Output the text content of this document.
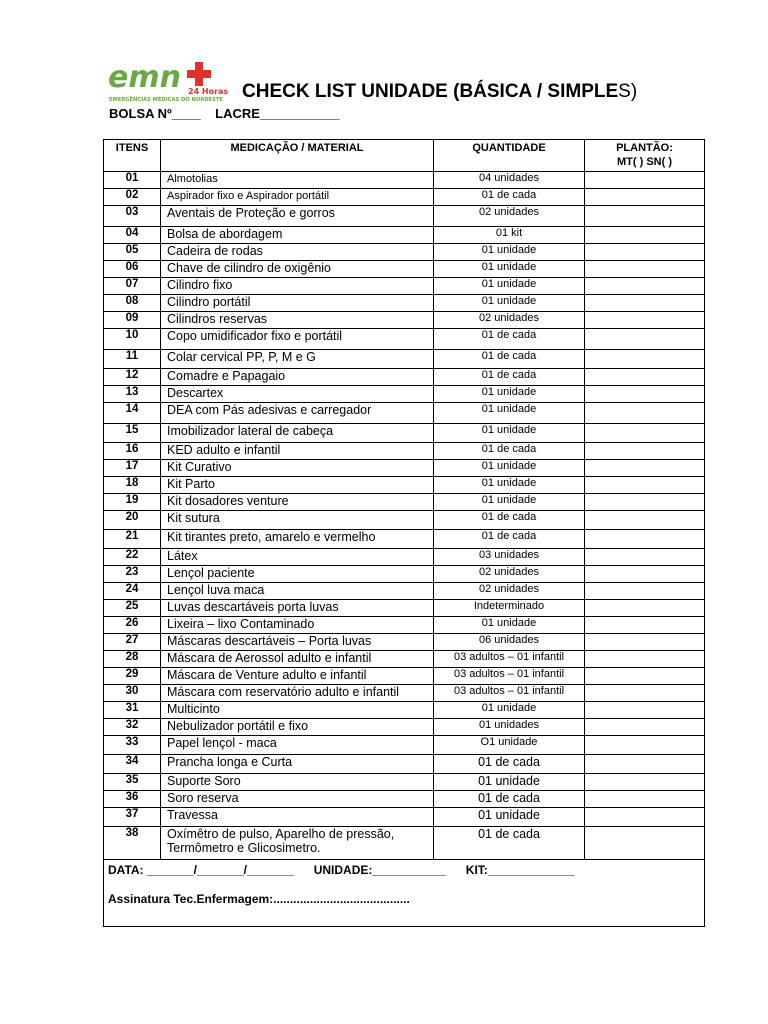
emn 24 Horas
EMERGÊNCIAS MÉDICAS DO NORDESTE CHECK LIST UNIDADE (BÁSICA / SIMPLES)
BOLSA Nº____    LACRE___________
ITENS	MEDICAÇÃO / MATERIAL	QUANTIDADE	PLANTÃO:
MT( ) SN( )
01	Almotolias	04 unidades	
02	Aspirador fixo e Aspirador portátil	01 de cada	
03	Aventais de Proteção e gorros	02 unidades	
04	Bolsa de abordagem	01 kit	
05	Cadeira de rodas	01 unidade	
06	Chave de cilindro de oxigênio	01 unidade	
07	Cilindro fixo	01 unidade	
08	Cilindro portátil	01 unidade	
09	Cilindros reservas	02 unidades	
10	Copo umidificador fixo e portátil	01 de cada	
11	Colar cervical PP, P, M e G	01 de cada	
12	Comadre e Papagaio	01 de cada	
13	Descartex	01 unidade	
14	DEA com Pás adesivas e carregador	01 unidade	
15	Imobilizador lateral de cabeça	01 unidade	
16	KED adulto e infantil	01 de cada	
17	Kit Curativo	01 unidade	
18	Kit Parto	01 unidade	
19	Kit dosadores venture	01 unidade	
20	Kit sutura	01 de cada	
21	Kit tirantes preto, amarelo e vermelho	01 de cada	
22	Látex	03 unidades	
23	Lençol paciente	02 unidades	
24	Lençol luva maca	02 unidades	
25	Luvas descartáveis porta luvas	Indeterminado	
26	Lixeira – lixo Contaminado	01 unidade	
27	Máscaras descartáveis – Porta luvas	06 unidades	
28	Máscara de Aerossol adulto e infantil	03 adultos – 01 infantil	
29	Máscara de Venture adulto e infantil	03 adultos – 01 infantil	
30	Máscara com reservatório adulto e infantil	03 adultos – 01 infantil	
31	Multicinto	01 unidade	
32	Nebulizador portátil e fixo	01 unidades	
33	Papel lençol - maca	O1 unidade	
34	Prancha longa e Curta	01 de cada	
35	Suporte Soro	01 unidade	
36	Soro reserva	01 de cada	
37	Travessa	01 unidade	
38	Oxímêtro de pulso, Aparelho de pressão,
Termômetro e Glicosimetro.	01 de cada	

DATA: _______/_______/_______      UNIDADE:___________      KIT:_____________
Assinatura Tec.Enfermagem:.........................................			
